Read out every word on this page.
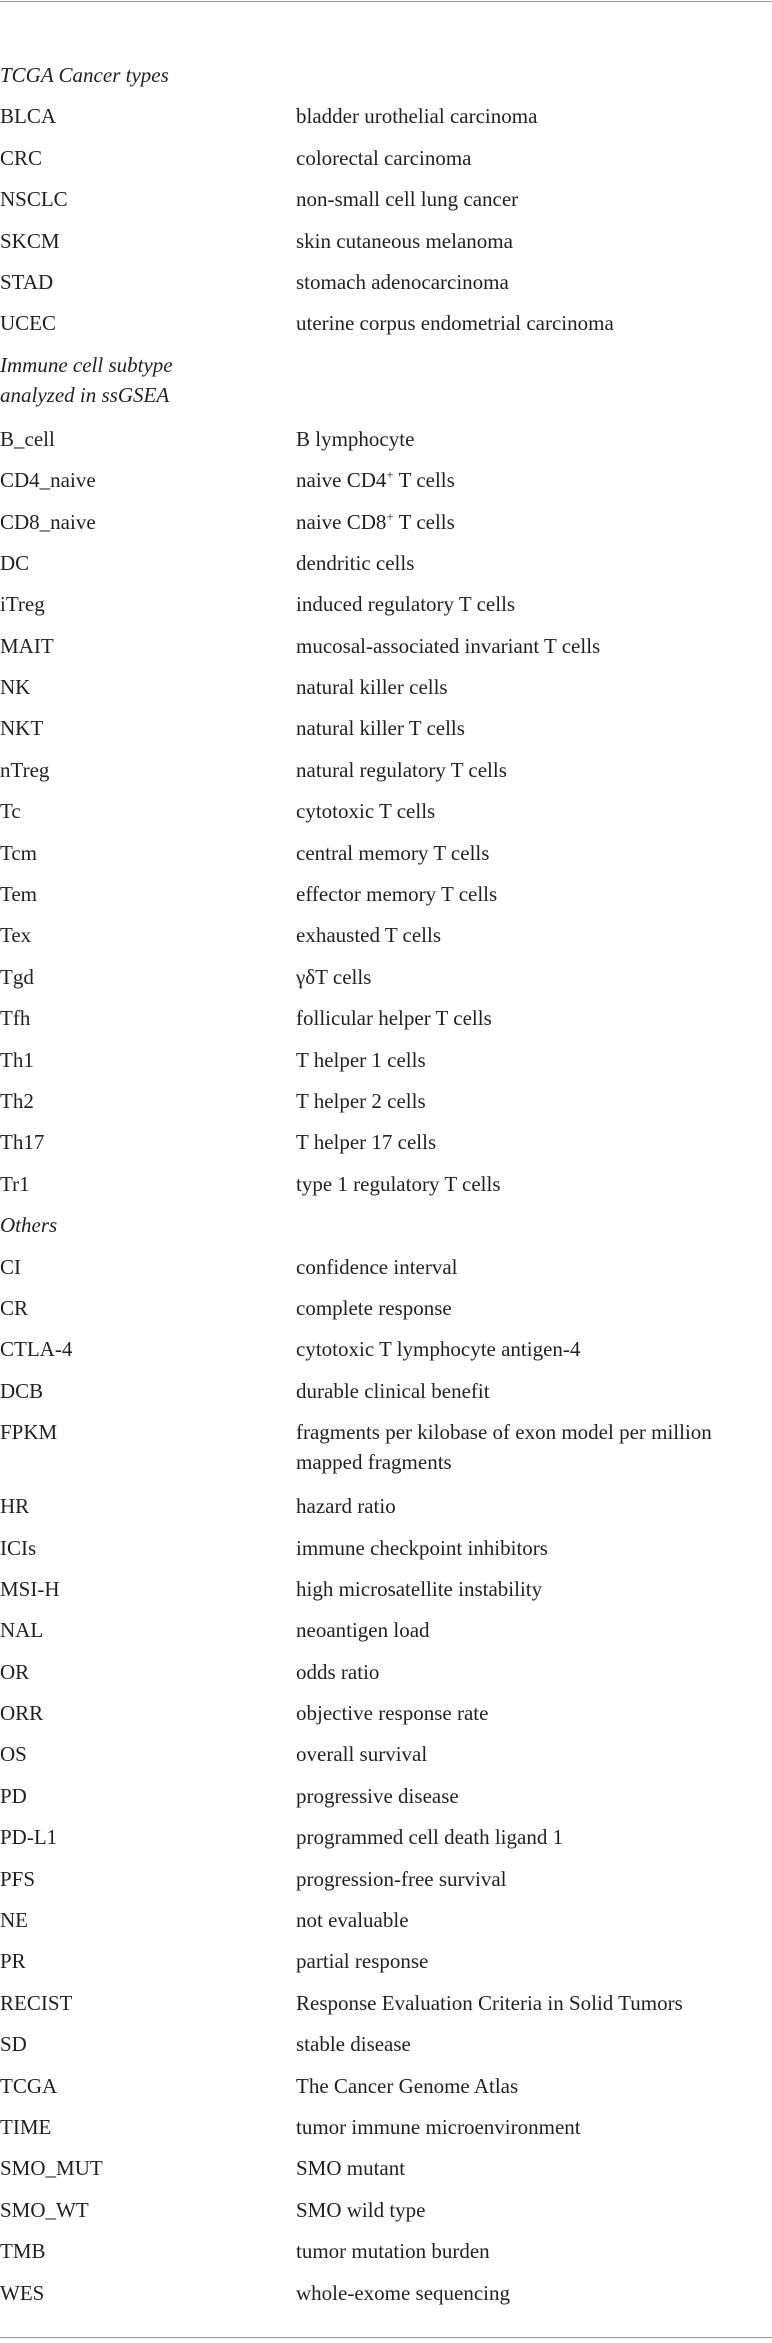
TCGA Cancer types	
BLCA	bladder urothelial carcinoma
CRC	colorectal carcinoma
NSCLC	non-small cell lung cancer
SKCM	skin cutaneous melanoma
STAD	stomach adenocarcinoma
UCEC	uterine corpus endometrial carcinoma
Immune cell subtype analyzed in ssGSEA	
B_cell	B lymphocyte
CD4_naive	naive CD4+ T cells
CD8_naive	naive CD8+ T cells
DC	dendritic cells
iTreg	induced regulatory T cells
MAIT	mucosal-associated invariant T cells
NK	natural killer cells
NKT	natural killer T cells
nTreg	natural regulatory T cells
Tc	cytotoxic T cells
Tcm	central memory T cells
Tem	effector memory T cells
Tex	exhausted T cells
Tgd	γδT cells
Tfh	follicular helper T cells
Th1	T helper 1 cells
Th2	T helper 2 cells
Th17	T helper 17 cells
Tr1	type 1 regulatory T cells
Others	
CI	confidence interval
CR	complete response
CTLA-4	cytotoxic T lymphocyte antigen-4
DCB	durable clinical benefit
FPKM	fragments per kilobase of exon model per million mapped fragments
HR	hazard ratio
ICIs	immune checkpoint inhibitors
MSI-H	high microsatellite instability
NAL	neoantigen load
OR	odds ratio
ORR	objective response rate
OS	overall survival
PD	progressive disease
PD-L1	programmed cell death ligand 1
PFS	progression-free survival
NE	not evaluable
PR	partial response
RECIST	Response Evaluation Criteria in Solid Tumors
SD	stable disease
TCGA	The Cancer Genome Atlas
TIME	tumor immune microenvironment
SMO_MUT	SMO mutant
SMO_WT	SMO wild type
TMB	tumor mutation burden
WES	whole-exome sequencing
